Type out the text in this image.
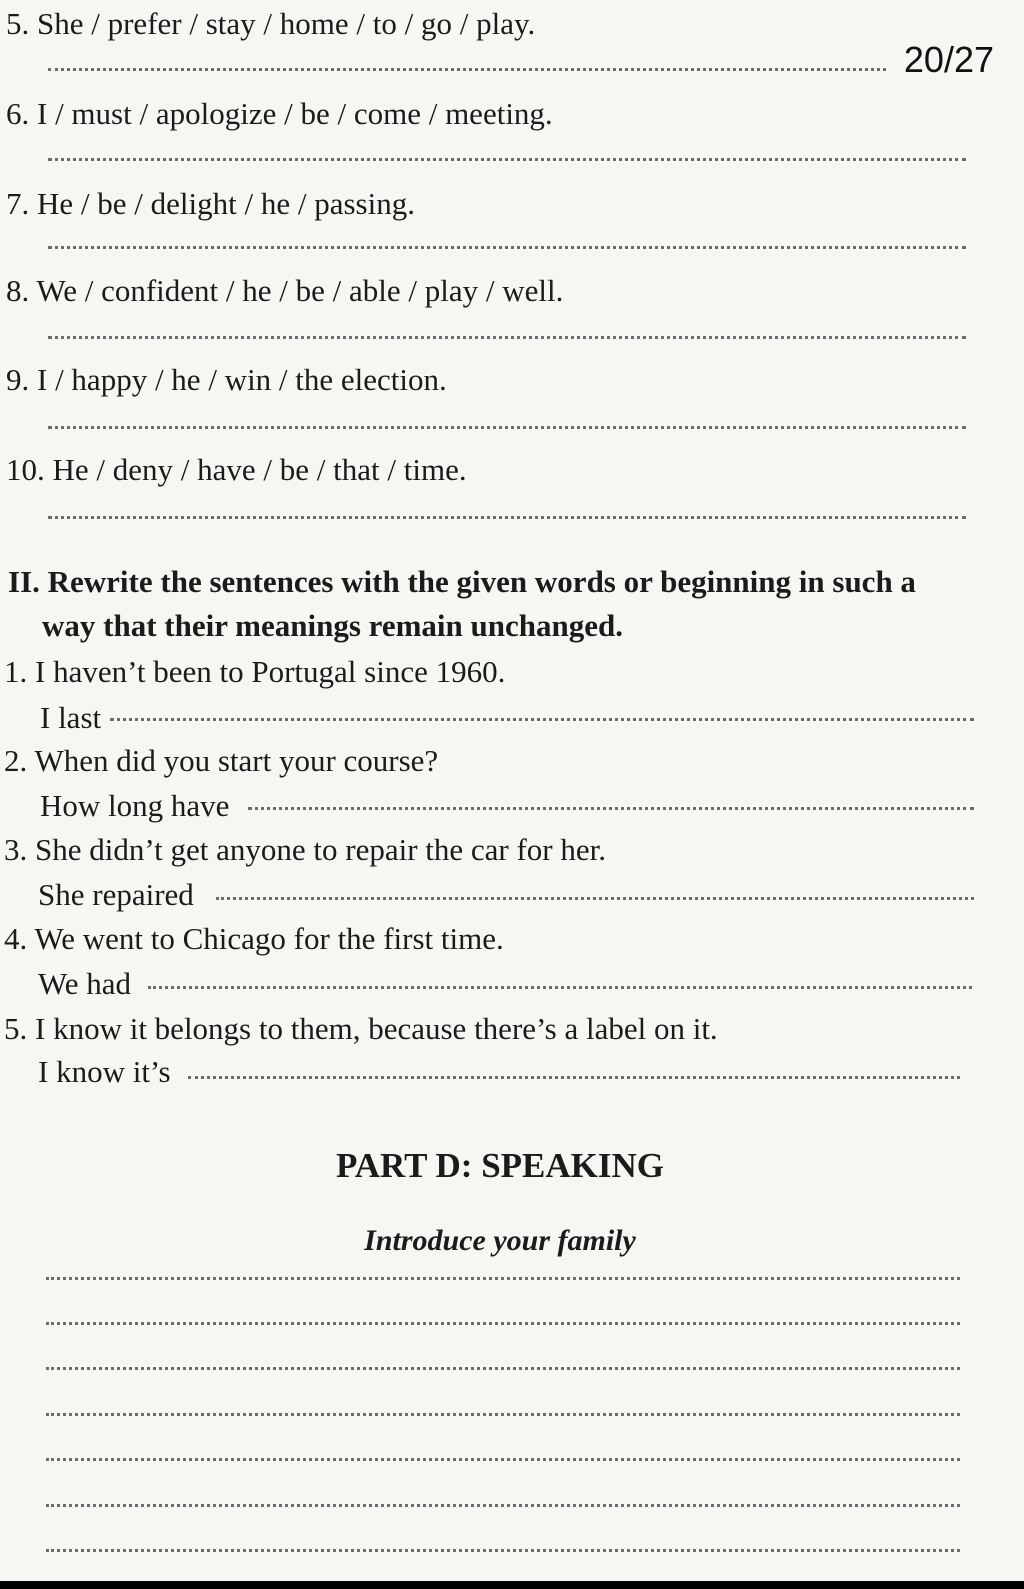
20/27
5. She / prefer / stay / home / to / go / play.
6. I / must / apologize / be / come / meeting.
7. He / be / delight / he / passing.
8. We / confident / he / be / able / play / well.
9. I / happy / he / win / the election.
10. He / deny / have / be / that / time.
II. Rewrite the sentences with the given words or beginning in such a
way that their meanings remain unchanged.
1. I haven’t been to Portugal since 1960.
I last
2. When did you start your course?
How long have
3. She didn’t get anyone to repair the car for her.
She repaired
4. We went to Chicago for the first time.
We had
5. I know it belongs to them, because there’s a label on it.
I know it’s
PART D: SPEAKING
Introduce your family
